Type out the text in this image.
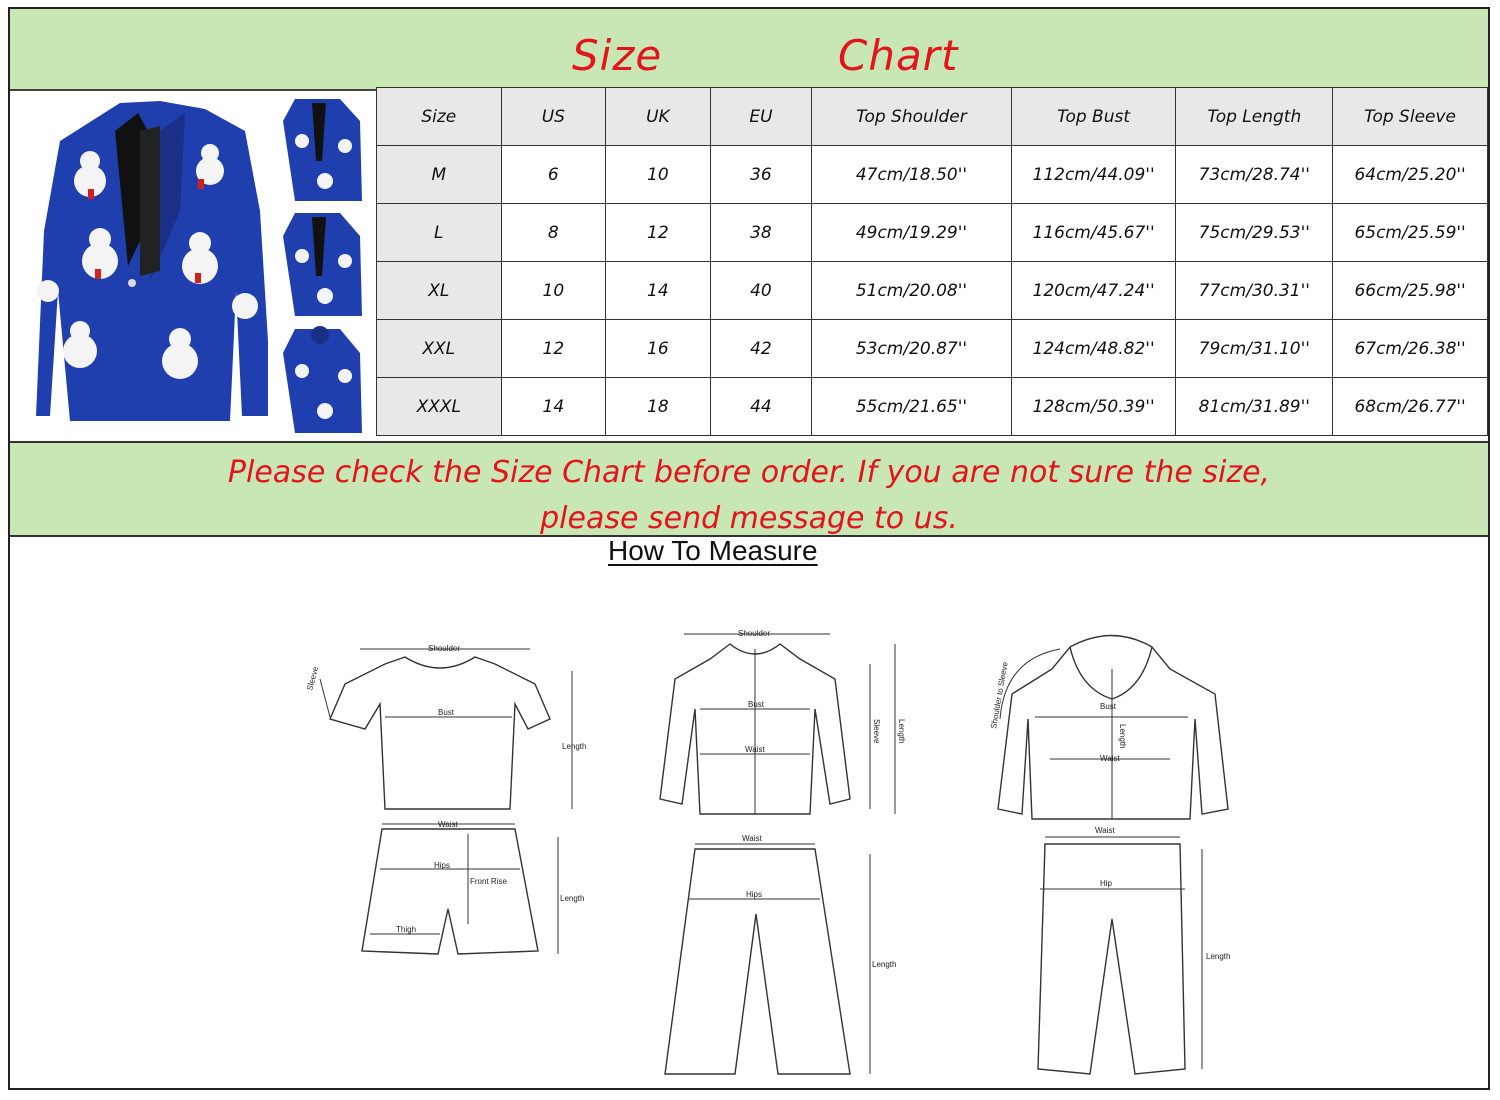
Size	Chart
Size	US	UK	EU	Top Shoulder	Top Bust	Top Length	Top Sleeve
M	6	10	36	47cm/18.50''	112cm/44.09''	73cm/28.74''	64cm/25.20''
L	8	12	38	49cm/19.29''	116cm/45.67''	75cm/29.53''	65cm/25.59''
XL	10	14	40	51cm/20.08''	120cm/47.24''	77cm/30.31''	66cm/25.98''
XXL	12	16	42	53cm/20.87''	124cm/48.82''	79cm/31.10''	67cm/26.38''
XXXL	14	18	44	55cm/21.65''	128cm/50.39''	81cm/31.89''	68cm/26.77''
Please check the Size Chart before order. If you are not sure the size,
please send message to us.
How To Measure
Shoulder
Sleeve
Bust
Length
Waist
Hips
Front Rise
Thigh
Length
Shoulder
Bust
Waist
Sleeve Length
Waist
Hips
Length
Shoulder to Sleeve	Bust
Length
Waist
Waist
Hip
Length
